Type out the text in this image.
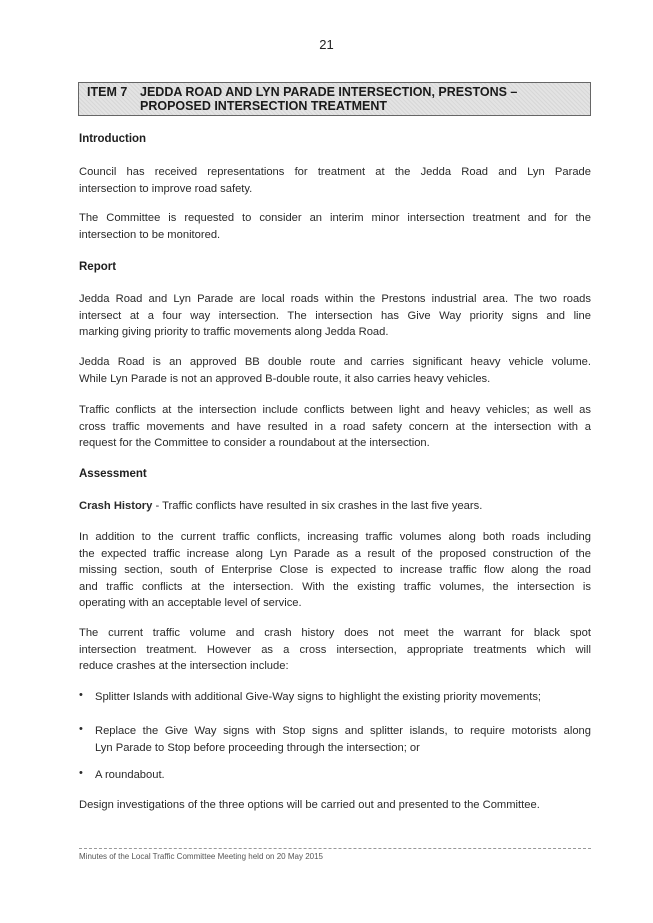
21
ITEM 7 JEDDA ROAD AND LYN PARADE INTERSECTION, PRESTONS –
PROPOSED INTERSECTION TREATMENT
Introduction
Council has received representations for treatment at the Jedda Road and Lyn Parade
intersection to improve road safety.
The Committee is requested to consider an interim minor intersection treatment and for the
intersection to be monitored.
Report
Jedda Road and Lyn Parade are local roads within the Prestons industrial area. The two roads
intersect at a four way intersection. The intersection has Give Way priority signs and line
marking giving priority to traffic movements along Jedda Road.
Jedda Road is an approved BB double route and carries significant heavy vehicle volume.
While Lyn Parade is not an approved B-double route, it also carries heavy vehicles.
Traffic conflicts at the intersection include conflicts between light and heavy vehicles; as well as
cross traffic movements and have resulted in a road safety concern at the intersection with a
request for the Committee to consider a roundabout at the intersection.
Assessment
Crash History - Traffic conflicts have resulted in six crashes in the last five years.
In addition to the current traffic conflicts, increasing traffic volumes along both roads including
the expected traffic increase along Lyn Parade as a result of the proposed construction of the
missing section, south of Enterprise Close is expected to increase traffic flow along the road
and traffic conflicts at the intersection. With the existing traffic volumes, the intersection is
operating with an acceptable level of service.
The current traffic volume and crash history does not meet the warrant for black spot
intersection treatment. However as a cross intersection, appropriate treatments which will
reduce crashes at the intersection include:
• Splitter Islands with additional Give-Way signs to highlight the existing priority movements;
• Replace the Give Way signs with Stop signs and splitter islands, to require motorists along
Lyn Parade to Stop before proceeding through the intersection; or
• A roundabout.
Design investigations of the three options will be carried out and presented to the Committee.
Minutes of the Local Traffic Committee Meeting held on 20 May 2015
